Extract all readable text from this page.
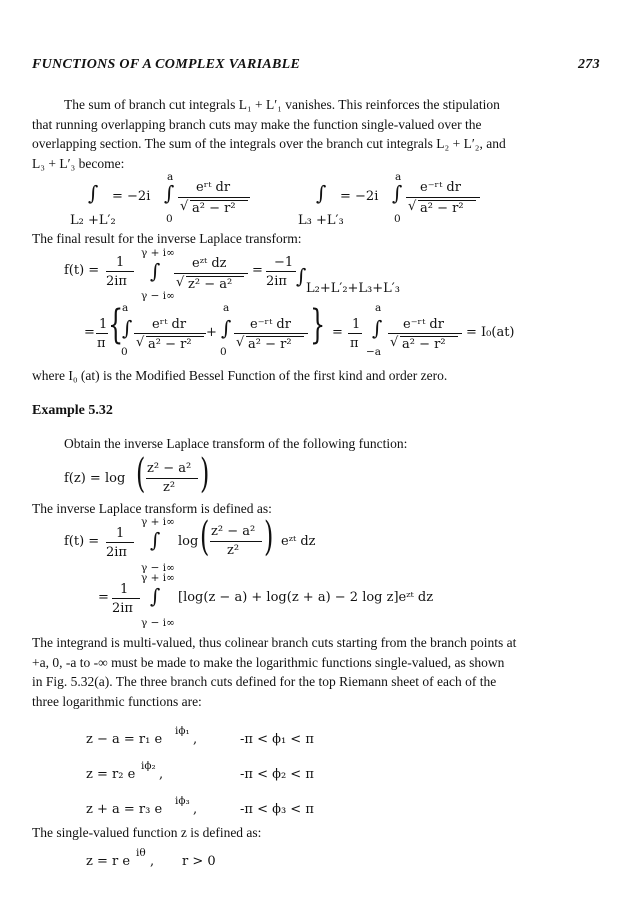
FUNCTIONS OF A COMPLEX VARIABLE	273
The sum of branch cut integrals L₁ + L′₁ vanishes. This reinforces the stipulation
that running overlapping branch cuts may make the function single-valued over the
overlapping section. The sum of the integrals over the branch cut integrals L₂ + L′₂, and
L₃ + L′₃ become:
∫
L₂ +L′₂
= −2i ∫
a
0
eʳᵗ dr
√ a² − r²
∫
L₃ +L′₃
= −2i ∫
a
0
e⁻ʳᵗ dr
√ a² − r²
The final result for the inverse Laplace transform:
f(t) =
1
2iπ
γ + i∞
∫
γ − i∞
eᶻᵗ dz
√ z² − a²
=
−1
2iπ ∫
L₂+L′₂+L₃+L′₃
=
1
π {
a
∫
0
eʳᵗ dr
√ a² − r²
+
a
∫
0
e⁻ʳᵗ dr
√ a² − r² } =
1
π
a
∫
−a
e⁻ʳᵗ dr
√ a² − r²
= I₀(at)
where I₀ (at) is the Modified Bessel Function of the first kind and order zero.
Example 5.32
Obtain the inverse Laplace transform of the following function:
f(z) = log ( z² − a²
z² )
The inverse Laplace transform is defined as:
f(t) =
1
2iπ
γ + i∞
∫
γ − i∞
log ( z² − a²
z² ) eᶻᵗ dz
=
1
2iπ
γ + i∞
∫
γ − i∞
[log(z − a) + log(z + a) − 2 log z]eᶻᵗ dz
The integrand is multi-valued, thus colinear branch cuts starting from the branch points at
+a, 0, -a to -∞ must be made to make the logarithmic functions single-valued, as shown
in Fig. 5.32(a). The three branch cuts defined for the top Riemann sheet of each of the
three logarithmic functions are:
z − a = r₁ e
iϕ₁
,	-π < ϕ₁ < π
z = r₂ e
iϕ₂
,	-π < ϕ₂ < π
z + a = r₃ e
iϕ₃
,	-π < ϕ₃ < π
The single-valued function z is defined as:
z = r e
iθ
, r > 0
